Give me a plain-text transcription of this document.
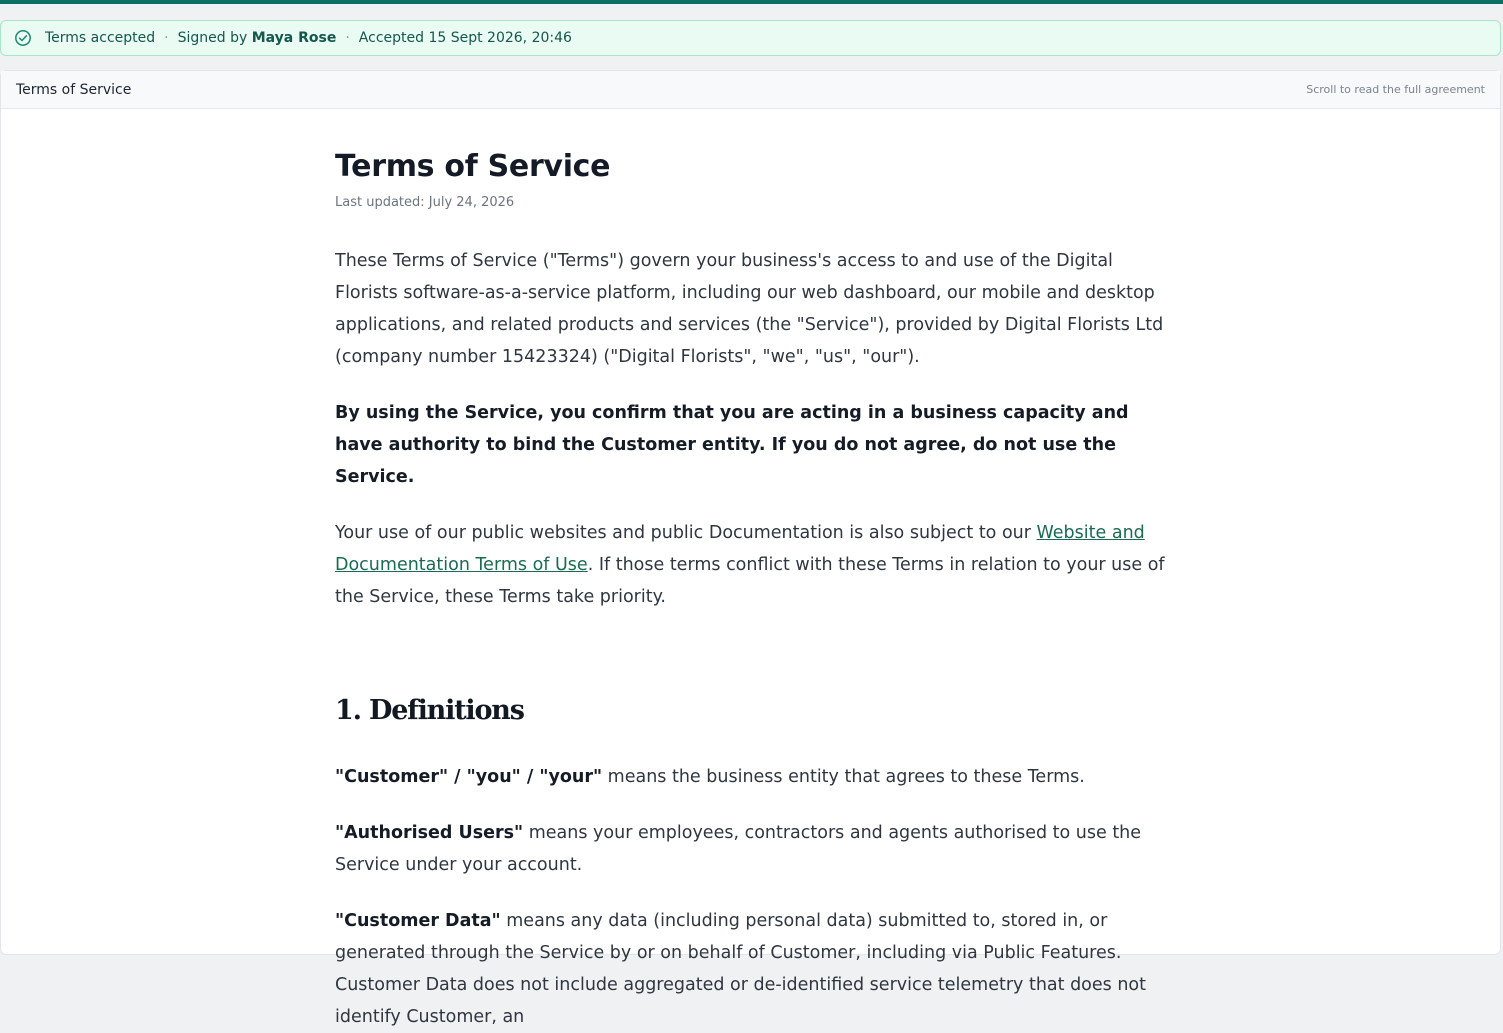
Terms accepted · Signed by Maya Rose · Accepted 15 Sept 2026, 20:46
Terms of Service	Scroll to read the full agreement
Terms of Service
Last updated: July 24, 2026

These Terms of Service ("Terms") govern your business's access to and use of the Digital Florists software-as-a-service platform, including our web dashboard, our mobile and desktop applications, and related products and services (the "Service"), provided by Digital Florists Ltd (company number 15423324) ("Digital Florists", "we", "us", "our").

By using the Service, you confirm that you are acting in a business capacity and have authority to bind the Customer entity. If you do not agree, do not use the Service.

Your use of our public websites and public Documentation is also subject to our Website and Documentation Terms of Use. If those terms conflict with these Terms in relation to your use of the Service, these Terms take priority.

1. Definitions

"Customer" / "you" / "your" means the business entity that agrees to these Terms.

"Authorised Users" means your employees, contractors and agents authorised to use the Service under your account.

"Customer Data" means any data (including personal data) submitted to, stored in, or generated through the Service by or on behalf of Customer, including via Public Features. Customer Data does not include aggregated or de-identified service telemetry that does not identify Customer, an
